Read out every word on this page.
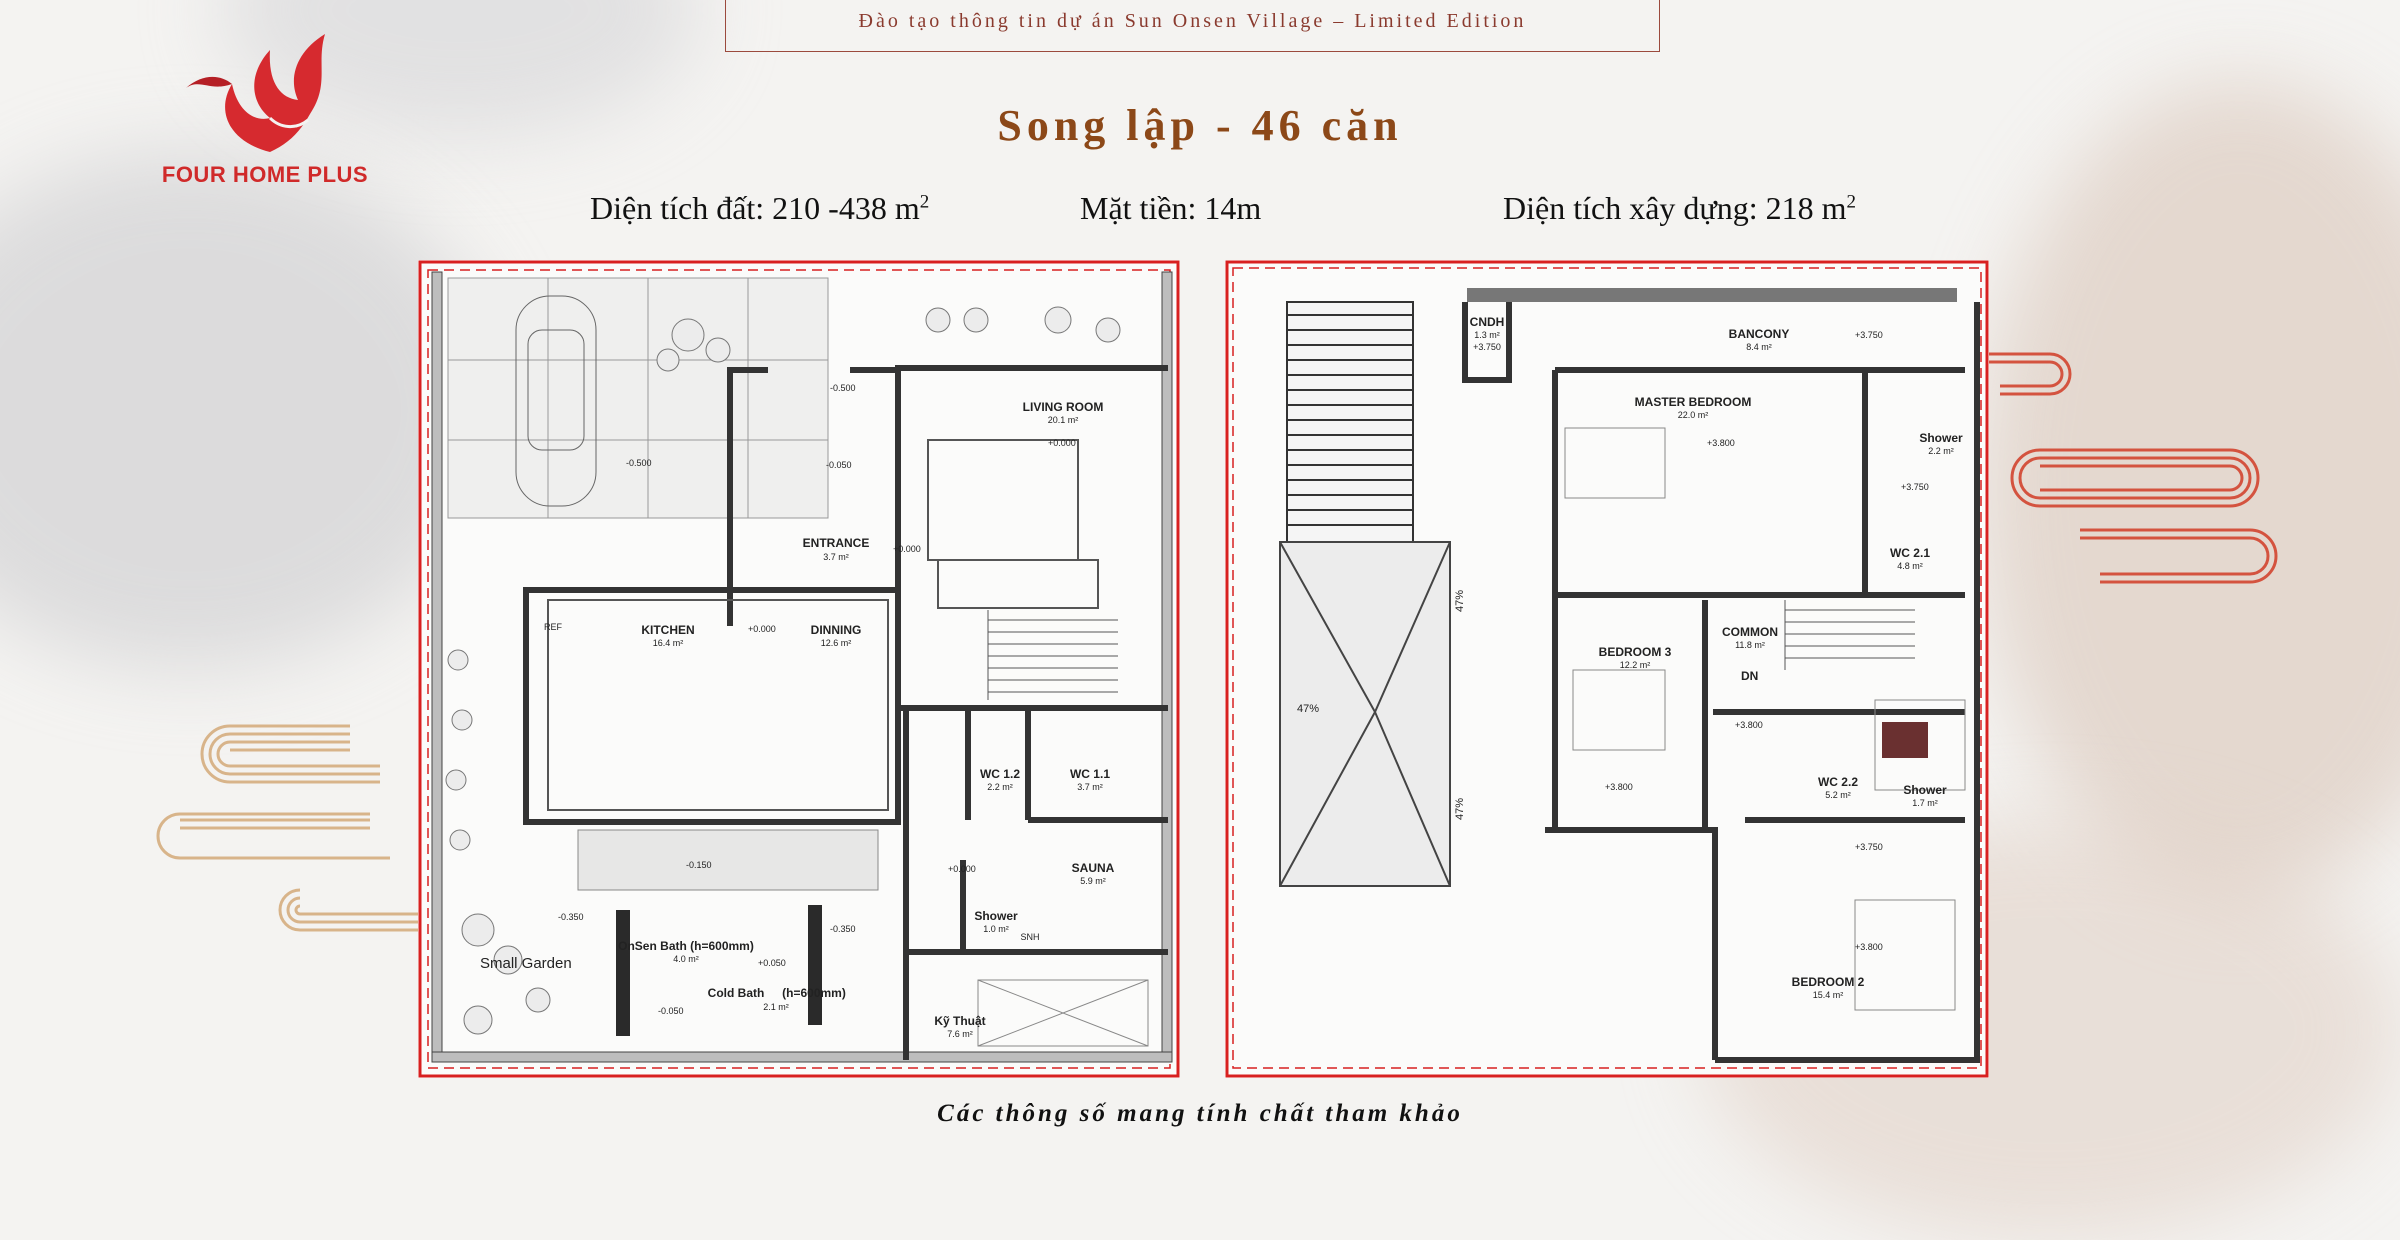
Đào tạo thông tin dự án Sun Onsen Village – Limited Edition
FOUR HOME PLUS
Song lập - 46 căn
Diện tích đất: 210 -438 $m^2$	Mặt tiền: 14m	Diện tích xây dựng: 218 $m^2$
LIVING ROOM
20.1 m²
+0.000
ENTRANCE
3.7 m²
+0.000
KITCHEN
16.4 m²
+0.000	DINNING
12.6 m²
REF
WC 1.2
2.2 m²
WC 1.1
3.7 m²
SAUNA
5.9 m²
Shower
1.0 m²
SNH
OnSen Bath (h=600mm)
4.0 m²
Cold Bath (h=600mm)
2.1 m²
Kỹ Thuật
7.6 m²
Small Garden
-0.500
-0.500	-0.050
-0.150
-0.350
-0.350
+0.050
-0.050
+0.000
47%
47%
47%
CNDH
1.3 m²
+3.750
BANCONY
8.4 m²
+3.750
MASTER BEDROOM
22.0 m²
+3.800	Shower
2.2 m²
WC 2.1
4.8 m²
BEDROOM 3
12.2 m²
+3.800
COMMON
11.8 m²
DN
WC 2.2
5.2 m²	Shower
1.7 m²
BEDROOM 2
15.4 m²
+3.800
+3.750
+3.800
+3.750
Các thông số mang tính chất tham khảo
